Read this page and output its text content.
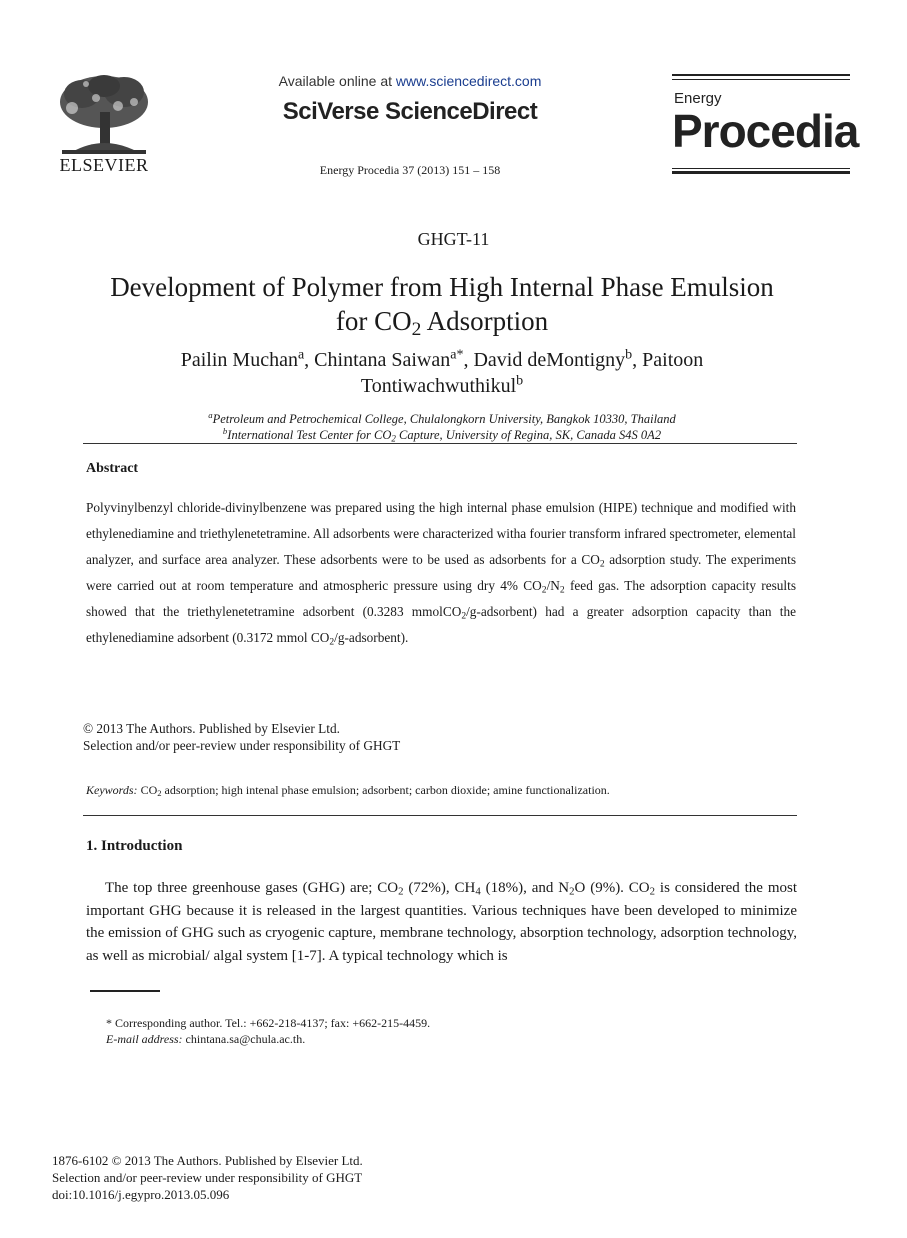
ELSEVIER
Available online at www.sciencedirect.com
SciVerse ScienceDirect
Energy Procedia 37 (2013) 151 – 158
Energy
Procedia
GHGT-11
Development of Polymer from High Internal Phase Emulsion
for $CO_2$ Adsorption
Pailin Muchan$^a$, Chintana Saiwan$^{a*}$, David deMontigny$^b$, Paitoon
Tontiwachwuthikul$^b$
$^a$Petroleum and Petrochemical College, Chulalongkorn University, Bangkok 10330, Thailand
$^b$International Test Center for $CO_2$ Capture, University of Regina, SK, Canada S4S 0A2
Abstract
Polyvinylbenzyl chloride-divinylbenzene was prepared using the high internal phase emulsion (HIPE) technique and modified with ethylenediamine and triethylenetetramine. All adsorbents were characterized witha fourier transform infrared spectrometer, elemental analyzer, and surface area analyzer. These adsorbents were to be used as adsorbents for a $CO_2$ adsorption study. The experiments were carried out at room temperature and atmospheric pressure using dry 4% $CO_2/N_2$ feed gas. The adsorption capacity results showed that the triethylenetetramine adsorbent (0.3283 mmolCO$_2$/g-adsorbent) had a greater adsorption capacity than the ethylenediamine adsorbent (0.3172 mmol $CO_2/g-adsorbent$).
© 2013 The Authors. Published by Elsevier Ltd.
Selection and/or peer-review under responsibility of GHGT
Keywords: $CO_2$ adsorption; high intenal phase emulsion; adsorbent; carbon dioxide; amine functionalization.
1. Introduction
The top three greenhouse gases (GHG) are; $CO_2$ (72%), $CH_4$ (18%), and $N_2O$ (9%). $CO_2$ is considered the most important GHG because it is released in the largest quantities. Various techniques have been developed to minimize the emission of GHG such as cryogenic capture, membrane technology, absorption technology, adsorption technology, as well as microbial/ algal system [1-7]. A typical technology which is
* Corresponding author. Tel.: +662-218-4137; fax: +662-215-4459.
E-mail address: chintana.sa@chula.ac.th.
1876-6102 © 2013 The Authors. Published by Elsevier Ltd.
Selection and/or peer-review under responsibility of GHGT
doi:10.1016/j.egypro.2013.05.096
